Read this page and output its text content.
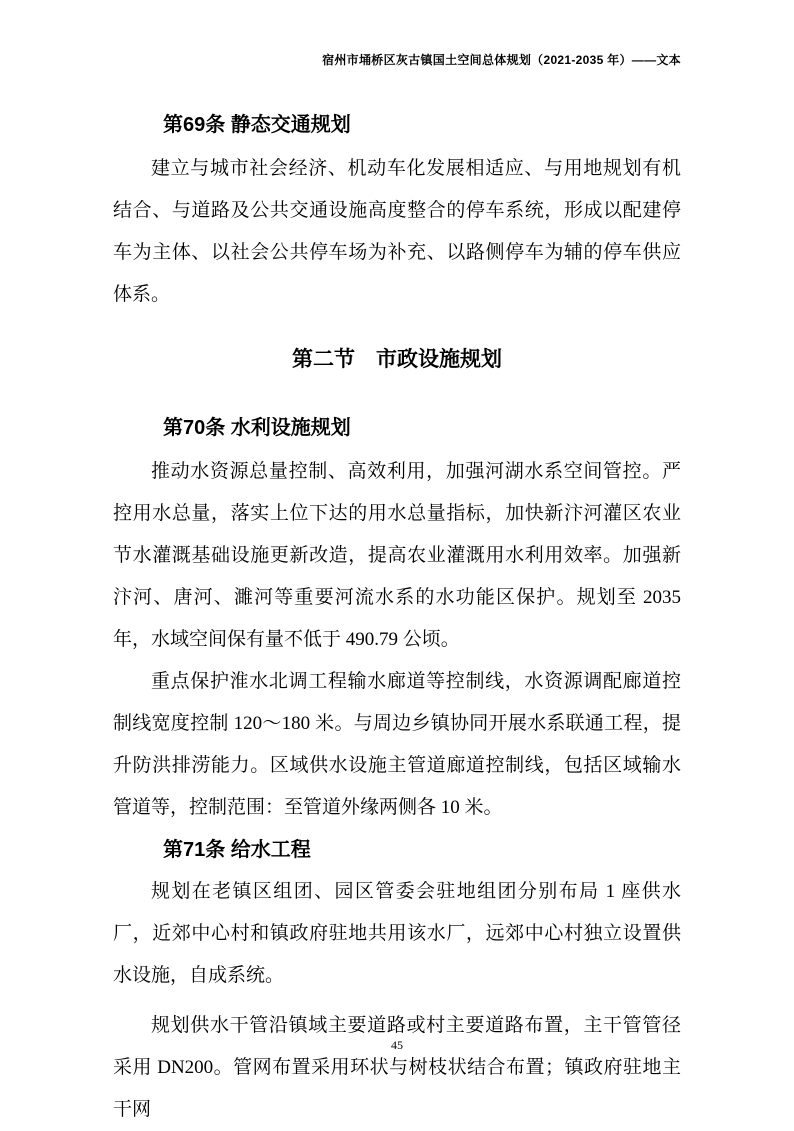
宿州市埇桥区灰古镇国土空间总体规划（2021-2035 年）——文本
第69条 静态交通规划

建立与城市社会经济、机动车化发展相适应、与用地规划有机结合、与道路及公共交通设施高度整合的停车系统，形成以配建停车为主体、以社会公共停车场为补充、以路侧停车为辅的停车供应体系。

第二节　市政设施规划
第70条 水利设施规划

推动水资源总量控制、高效利用，加强河湖水系空间管控。严控用水总量，落实上位下达的用水总量指标，加快新汴河灌区农业节水灌溉基础设施更新改造，提高农业灌溉用水利用效率。加强新汴河、唐河、濉河等重要河流水系的水功能区保护。规划至 2035 年，水域空间保有量不低于 490.79 公顷。

重点保护淮水北调工程输水廊道等控制线，水资源调配廊道控制线宽度控制 120～180 米。与周边乡镇协同开展水系联通工程，提升防洪排涝能力。区域供水设施主管道廊道控制线，包括区域输水管道等，控制范围：至管道外缘两侧各 10 米。

第71条 给水工程

规划在老镇区组团、园区管委会驻地组团分别布局 1 座供水厂，近郊中心村和镇政府驻地共用该水厂，远郊中心村独立设置供水设施，自成系统。

规划供水干管沿镇域主要道路或村主要道路布置，主干管管径采用 DN200。管网布置采用环状与树枝状结合布置；镇政府驻地主干网

45
